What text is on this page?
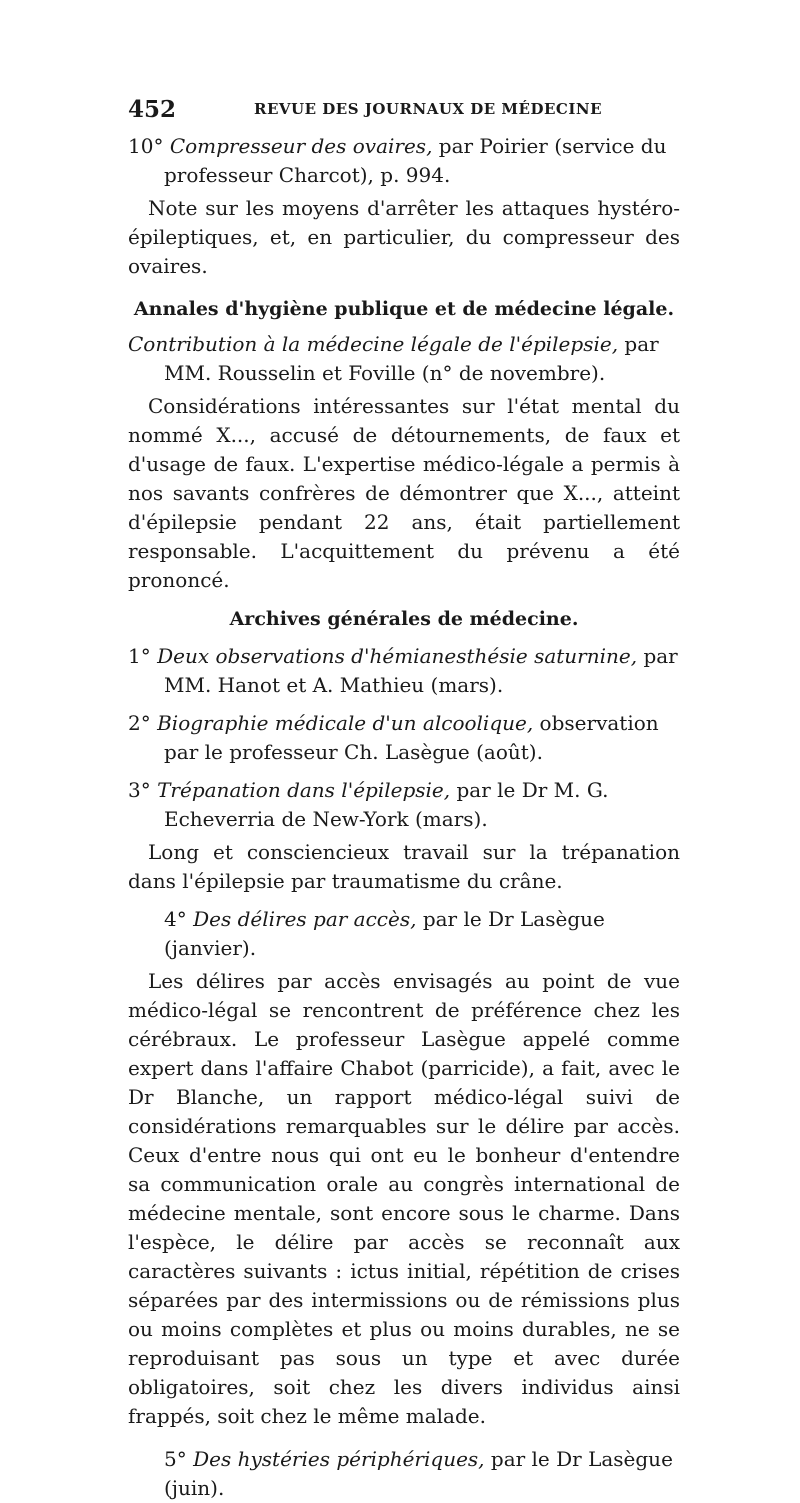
452	REVUE DES JOURNAUX DE MÉDECINE

10° Compresseur des ovaires, par Poirier (service du professeur Charcot), p. 994.

Note sur les moyens d'arrêter les attaques hystéro-épileptiques, et, en particulier, du compresseur des ovaires.

Annales d'hygiène publique et de médecine légale.

Contribution à la médecine légale de l'épilepsie, par MM. Rousselin et Foville (n° de novembre).

Considérations intéressantes sur l'état mental du nommé X..., accusé de détournements, de faux et d'usage de faux. L'expertise médico-légale a permis à nos savants confrères de démontrer que X..., atteint d'épilepsie pendant 22 ans, était partiellement responsable. L'acquittement du prévenu a été prononcé.

Archives générales de médecine.

1° Deux observations d'hémianesthésie saturnine, par MM. Hanot et A. Mathieu (mars).

2° Biographie médicale d'un alcoolique, observation par le professeur Ch. Lasègue (août).

3° Trépanation dans l'épilepsie, par le Dr M. G. Echeverria de New-York (mars).

Long et consciencieux travail sur la trépanation dans l'épilepsie par traumatisme du crâne.

4° Des délires par accès, par le Dr Lasègue (janvier).

Les délires par accès envisagés au point de vue médico-légal se rencontrent de préférence chez les cérébraux. Le professeur Lasègue appelé comme expert dans l'affaire Chabot (parricide), a fait, avec le Dr Blanche, un rapport médico-légal suivi de considérations remarquables sur le délire par accès. Ceux d'entre nous qui ont eu le bonheur d'entendre sa communication orale au congrès international de médecine mentale, sont encore sous le charme. Dans l'espèce, le délire par accès se reconnaît aux caractères suivants : ictus initial, répétition de crises séparées par des intermissions ou de rémissions plus ou moins complètes et plus ou moins durables, ne se reproduisant pas sous un type et avec durée obligatoires, soit chez les divers individus ainsi frappés, soit chez le même malade.

5° Des hystéries périphériques, par le Dr Lasègue (juin).
